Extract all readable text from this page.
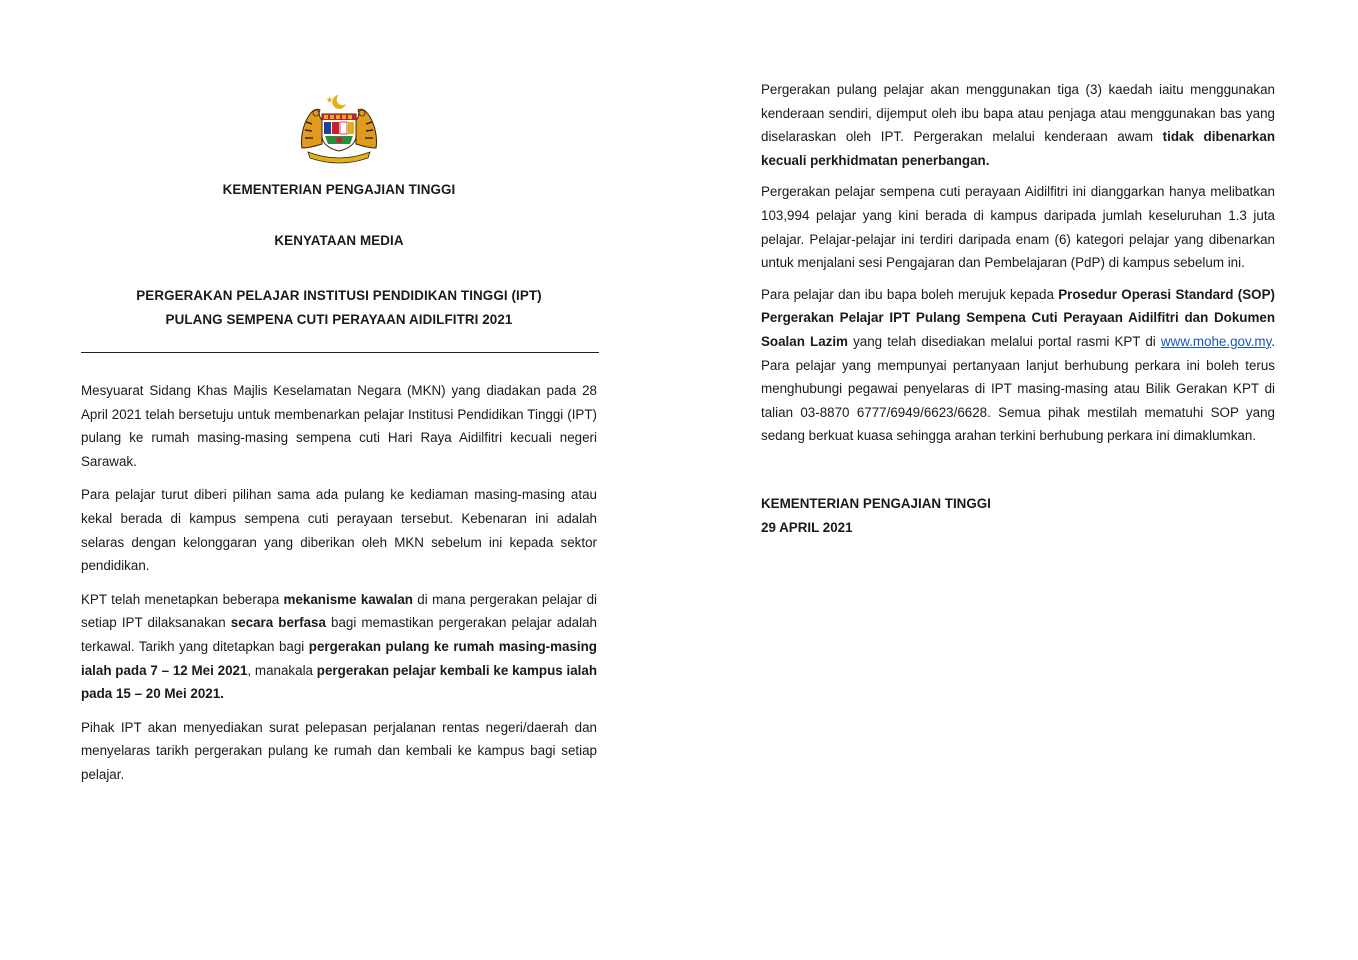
KEMENTERIAN PENGAJIAN TINGGI

KENYATAAN MEDIA

PERGERAKAN PELAJAR INSTITUSI PENDIDIKAN TINGGI (IPT)
PULANG SEMPENA CUTI PERAYAAN AIDILFITRI 2021

Mesyuarat Sidang Khas Majlis Keselamatan Negara (MKN) yang diadakan pada 28 April 2021 telah bersetuju untuk membenarkan pelajar Institusi Pendidikan Tinggi (IPT) pulang ke rumah masing-masing sempena cuti Hari Raya Aidilfitri kecuali negeri Sarawak.

Para pelajar turut diberi pilihan sama ada pulang ke kediaman masing-masing atau kekal berada di kampus sempena cuti perayaan tersebut. Kebenaran ini adalah selaras dengan kelonggaran yang diberikan oleh MKN sebelum ini kepada sektor pendidikan.

KPT telah menetapkan beberapa mekanisme kawalan di mana pergerakan pelajar di setiap IPT dilaksanakan secara berfasa bagi memastikan pergerakan pelajar adalah terkawal. Tarikh yang ditetapkan bagi pergerakan pulang ke rumah masing-masing ialah pada 7 – 12 Mei 2021, manakala pergerakan pelajar kembali ke kampus ialah pada 15 – 20 Mei 2021.

Pihak IPT akan menyediakan surat pelepasan perjalanan rentas negeri/daerah dan menyelaras tarikh pergerakan pulang ke rumah dan kembali ke kampus bagi setiap pelajar.

Pergerakan pulang pelajar akan menggunakan tiga (3) kaedah iaitu menggunakan kenderaan sendiri, dijemput oleh ibu bapa atau penjaga atau menggunakan bas yang diselaraskan oleh IPT. Pergerakan melalui kenderaan awam tidak dibenarkan kecuali perkhidmatan penerbangan.

Pergerakan pelajar sempena cuti perayaan Aidilfitri ini dianggarkan hanya melibatkan 103,994 pelajar yang kini berada di kampus daripada jumlah keseluruhan 1.3 juta pelajar. Pelajar-pelajar ini terdiri daripada enam (6) kategori pelajar yang dibenarkan untuk menjalani sesi Pengajaran dan Pembelajaran (PdP) di kampus sebelum ini.

Para pelajar dan ibu bapa boleh merujuk kepada Prosedur Operasi Standard (SOP) Pergerakan Pelajar IPT Pulang Sempena Cuti Perayaan Aidilfitri dan Dokumen Soalan Lazim yang telah disediakan melalui portal rasmi KPT di www.mohe.gov.my. Para pelajar yang mempunyai pertanyaan lanjut berhubung perkara ini boleh terus menghubungi pegawai penyelaras di IPT masing-masing atau Bilik Gerakan KPT di talian 03-8870 6777/6949/6623/6628. Semua pihak mestilah mematuhi SOP yang sedang berkuat kuasa sehingga arahan terkini berhubung perkara ini dimaklumkan.

KEMENTERIAN PENGAJIAN TINGGI
29 APRIL 2021
